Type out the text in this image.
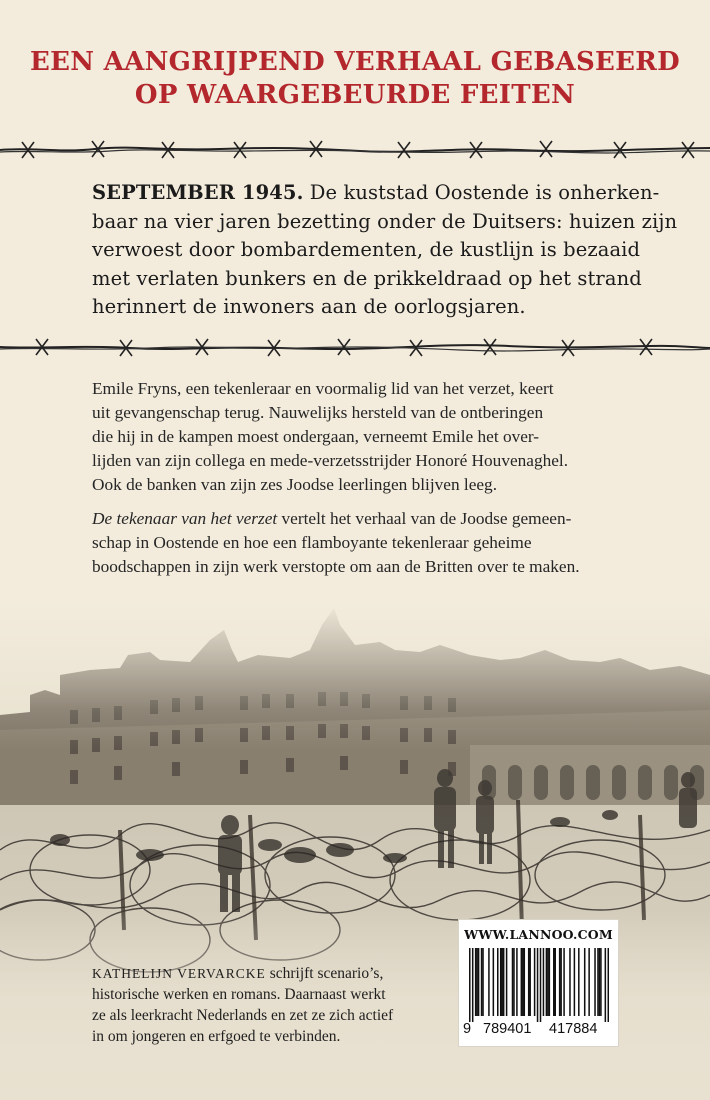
EEN AANGRIJPEND VERHAAL GEBASEERD
OP WAARGEBEURDE FEITEN
SEPTEMBER 1945. De kuststad Oostende is onherken-
baar na vier jaren bezetting onder de Duitsers: huizen zijn
verwoest door bombardementen, de kustlijn is bezaaid
met verlaten bunkers en de prikkeldraad op het strand
herinnert de inwoners aan de oorlogsjaren.
Emile Fryns, een tekenleraar en voormalig lid van het verzet, keert
uit gevangenschap terug. Nauwelijks hersteld van de ontberingen
die hij in de kampen moest ondergaan, verneemt Emile het over-
lijden van zijn collega en mede-verzetsstrijder Honoré Houvenaghel.
Ook de banken van zijn zes Joodse leerlingen blijven leeg.
De tekenaar van het verzet vertelt het verhaal van de Joodse gemeen-
schap in Oostende en hoe een flamboyante tekenleraar geheime
boodschappen in zijn werk verstopte om aan de Britten over te maken.
KATHELIJN VERVARCKE schrijft scenario’s,
historische werken en romans. Daarnaast werkt
ze als leerkracht Nederlands en zet ze zich actief
in om jongeren en erfgoed te verbinden.
WWW.LANNOO.COM
9 789401 417884
